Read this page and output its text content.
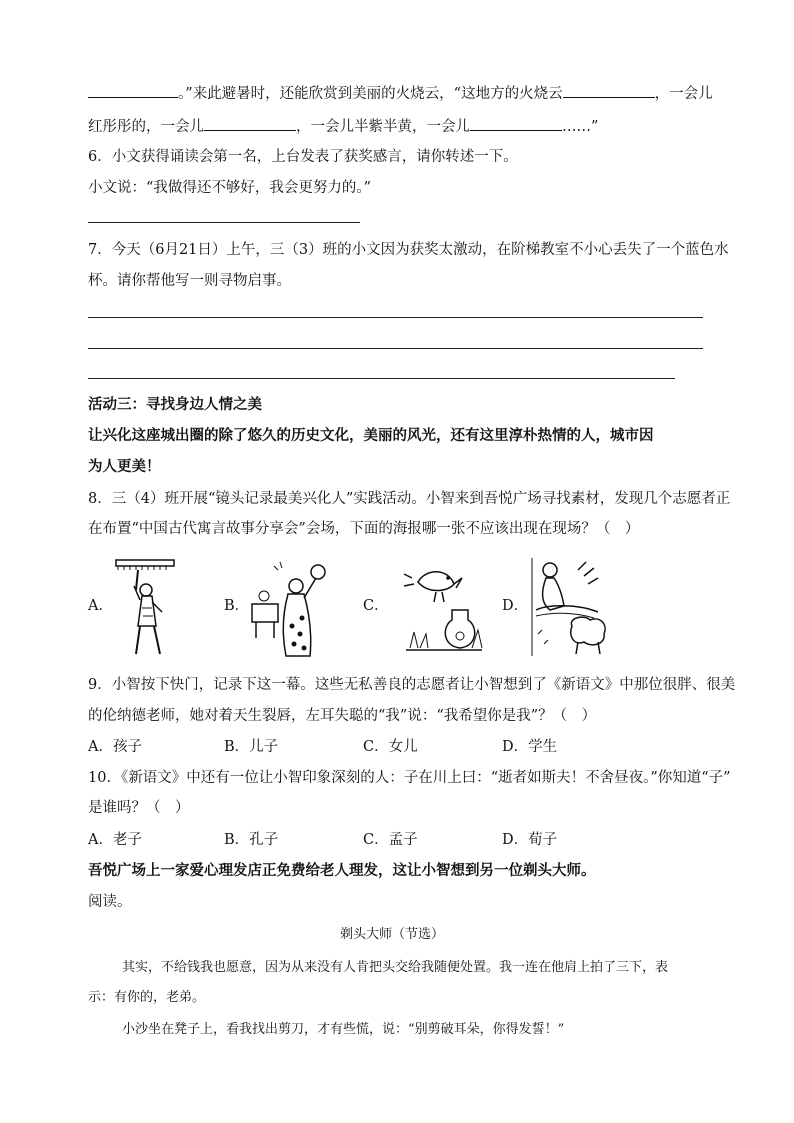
。”来此避暑时，还能欣赏到美丽的火烧云，“这地方的火烧云	，一会儿
红彤彤的，一会儿	，一会儿半紫半黄，一会儿	……”
6．小文获得诵读会第一名，上台发表了获奖感言，请你转述一下。
小文说：“我做得还不够好，我会更努力的。”
7．今天（6月21日）上午，三（3）班的小文因为获奖太激动，在阶梯教室不小心丢失了一个蓝色水
杯。请你帮他写一则寻物启事。
活动三：寻找身边人情之美
让兴化这座城出圈的除了悠久的历史文化，美丽的风光，还有这里淳朴热情的人，城市因
为人更美！
8．三（4）班开展“镜头记录最美兴化人”实践活动。小智来到吾悦广场寻找素材，发现几个志愿者正
在布置“中国古代寓言故事分享会”会场，下面的海报哪一张不应该出现在现场？（　）
A．	B．	C．	D．
9．小智按下快门，记录下这一幕。这些无私善良的志愿者让小智想到了《新语文》中那位很胖、很美
的伦纳德老师，她对着天生裂唇，左耳失聪的“我”说：“我希望你是我”？（　）
A．孩子	B．儿子	C．女儿	D．学生
10．《新语文》中还有一位让小智印象深刻的人：子在川上曰：“逝者如斯夫！不舍昼夜。”你知道“子”
是谁吗？（　）
A．老子	B．孔子	C．孟子	D．荀子
吾悦广场上一家爱心理发店正免费给老人理发，这让小智想到另一位剃头大师。
阅读。
剃头大师（节选）
其实，不给钱我也愿意，因为从来没有人肯把头交给我随便处置。我一连在他肩上拍了三下，表
示：有你的，老弟。
小沙坐在凳子上，看我找出剪刀，才有些慌，说：“别剪破耳朵，你得发誓！”
